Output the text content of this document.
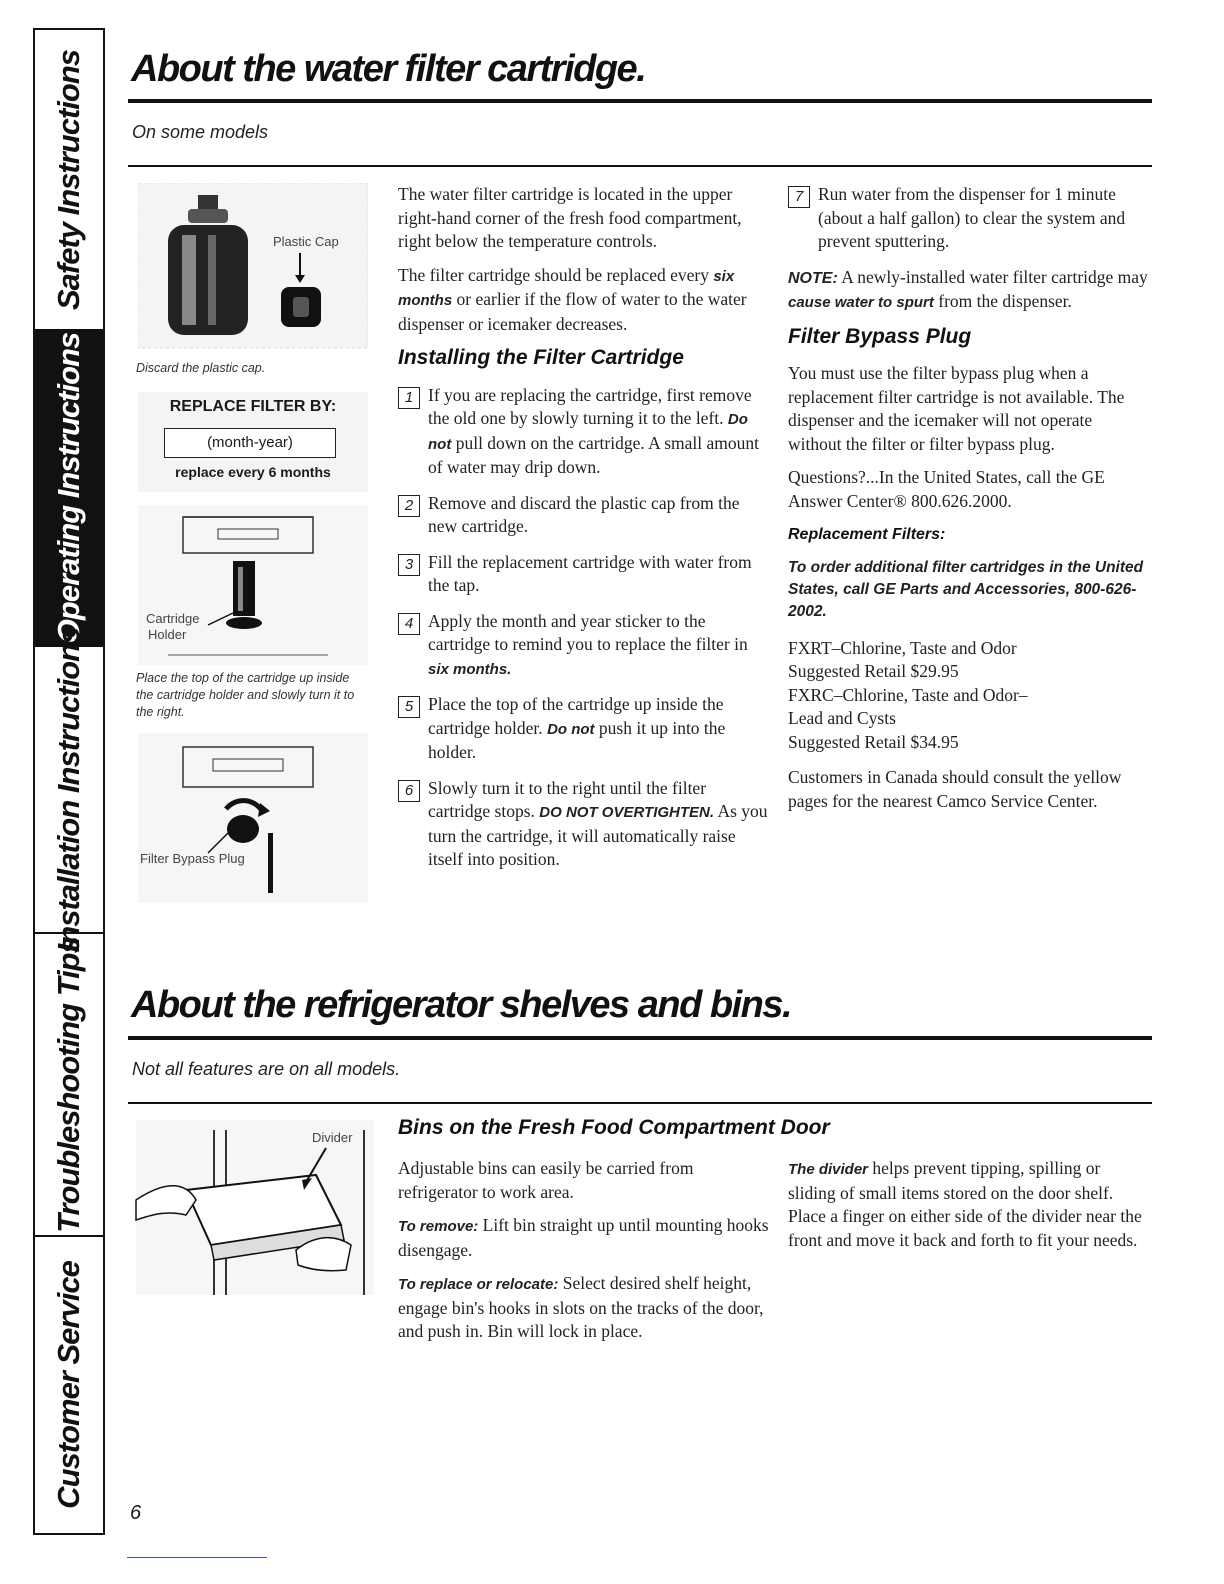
Safety Instructions
Operating Instructions
Installation Instructions
Troubleshooting Tips
Customer Service
About the water filter cartridge.
On some models
Plastic Cap
Discard the plastic cap.
REPLACE FILTER BY:
(month-year)
replace every 6 months
Cartridge
Holder
Place the top of the cartridge up inside the cartridge holder and slowly turn it to the right.
Filter Bypass Plug

The water filter cartridge is located in the upper right-hand corner of the fresh food compartment, right below the temperature controls.

The filter cartridge should be replaced every six months or earlier if the flow of water to the water dispenser or icemaker decreases.

Installing the Filter Cartridge
1 If you are replacing the cartridge, first remove the old one by slowly turning it to the left. Do not pull down on the cartridge. A small amount of water may drip down.
2 Remove and discard the plastic cap from the new cartridge.
3 Fill the replacement cartridge with water from the tap.
4 Apply the month and year sticker to the cartridge to remind you to replace the filter in six months.
5 Place the top of the cartridge up inside the cartridge holder. Do not push it up into the holder.
6 Slowly turn it to the right until the filter cartridge stops. DO NOT OVERTIGHTEN. As you turn the cartridge, it will automatically raise itself into position.
7 Run water from the dispenser for 1 minute (about a half gallon) to clear the system and prevent sputtering.

NOTE: A newly-installed water filter cartridge may cause water to spurt from the dispenser.

Filter Bypass Plug

You must use the filter bypass plug when a replacement filter cartridge is not available. The dispenser and the icemaker will not operate without the filter or filter bypass plug.

Questions?...In the United States, call the GE Answer Center® 800.626.2000.

Replacement Filters:
To order additional filter cartridges in the United States, call GE Parts and Accessories, 800-626-2002.
FXRT–Chlorine, Taste and Odor
Suggested Retail $29.95
FXRC–Chlorine, Taste and Odor–
Lead and Cysts
Suggested Retail $34.95

Customers in Canada should consult the yellow pages for the nearest Camco Service Center.

About the refrigerator shelves and bins.
Not all features are on all models.
Divider Bins on the Fresh Food Compartment Door

Adjustable bins can easily be carried from refrigerator to work area.

To remove: Lift bin straight up until mounting hooks disengage.

To replace or relocate: Select desired shelf height, engage bin's hooks in slots on the tracks of the door, and push in. Bin will lock in place.

The divider helps prevent tipping, spilling or sliding of small items stored on the door shelf. Place a finger on either side of the divider near the front and move it back and forth to fit your needs.

6
